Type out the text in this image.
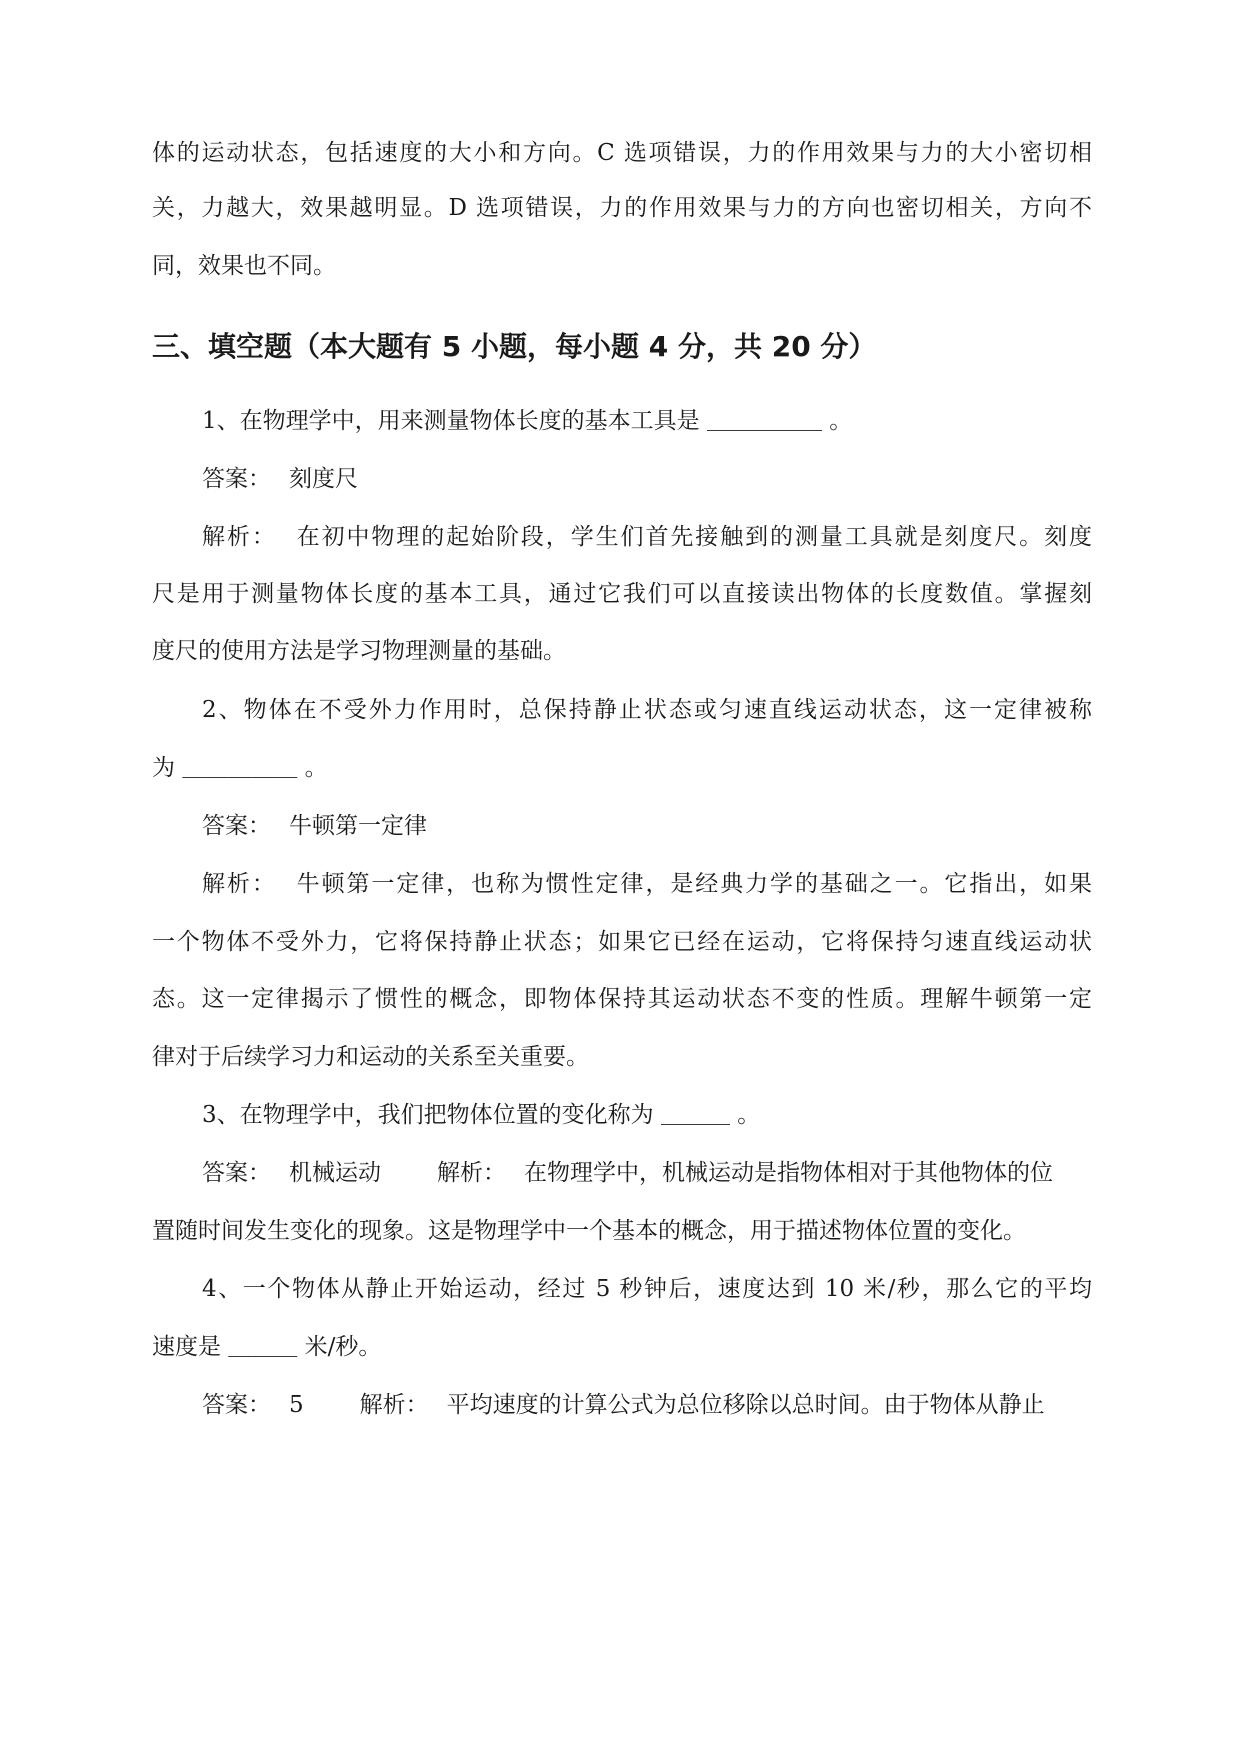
体的运动状态，包括速度的大小和方向。C 选项错误，力的作用效果与力的大小密切相
关，力越大，效果越明显。D 选项错误，力的作用效果与力的方向也密切相关，方向不
同，效果也不同。
三、填空题（本大题有 5 小题，每小题 4 分，共 20 分）
1、在物理学中，用来测量物体长度的基本工具是 ＿＿＿＿＿ 。
答案： 刻度尺
解析： 在初中物理的起始阶段，学生们首先接触到的测量工具就是刻度尺。刻度
尺是用于测量物体长度的基本工具，通过它我们可以直接读出物体的长度数值。掌握刻
度尺的使用方法是学习物理测量的基础。
2、物体在不受外力作用时，总保持静止状态或匀速直线运动状态，这一定律被称
为 ＿＿＿＿＿ 。
答案： 牛顿第一定律
解析： 牛顿第一定律，也称为惯性定律，是经典力学的基础之一。它指出，如果
一个物体不受外力，它将保持静止状态；如果它已经在运动，它将保持匀速直线运动状
态。这一定律揭示了惯性的概念，即物体保持其运动状态不变的性质。理解牛顿第一定
律对于后续学习力和运动的关系至关重要。
3、在物理学中，我们把物体位置的变化称为 ＿＿＿ 。
答案： 机械运动 解析： 在物理学中，机械运动是指物体相对于其他物体的位
置随时间发生变化的现象。这是物理学中一个基本的概念，用于描述物体位置的变化。
4、一个物体从静止开始运动，经过 5 秒钟后，速度达到 10 米/秒，那么它的平均
速度是 ＿＿＿ 米/秒。
答案： 5 解析： 平均速度的计算公式为总位移除以总时间。由于物体从静止
